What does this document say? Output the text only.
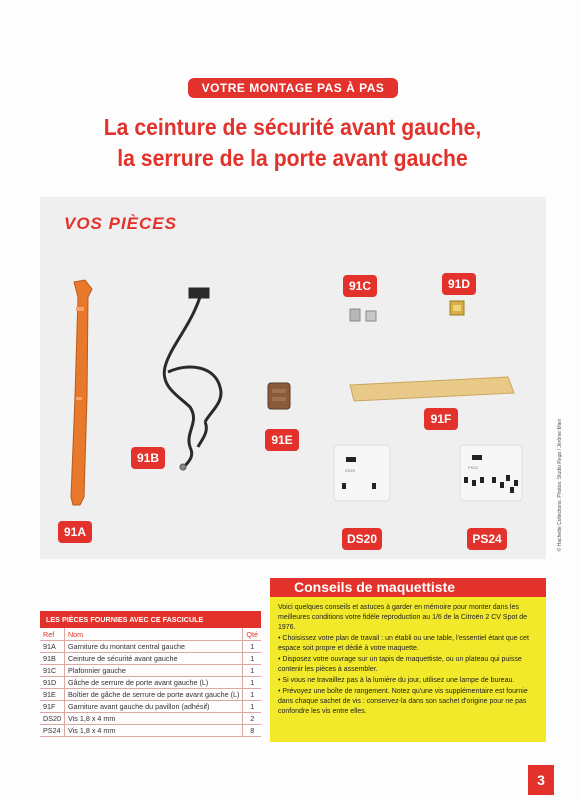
VOTRE MONTAGE PAS À PAS
La ceinture de sécurité avant gauche,
la serrure de la porte avant gauche
DS20
PS24
VOS PIÈCES
91A
91B
91C	91D
91E
91F
DS20	PS24	© Hachette Collections. Photos: Studio Rego / Jérôme Mieri
LES PIÈCES FOURNIES AVEC CE FASCICULE
Ref	Nom	Qté
91A	Garniture du montant central gauche	1
91B	Ceinture de sécurité avant gauche	1
91C	Plafonnier gauche	1
91D	Gâche de serrure de porte avant gauche (L)	1
91E	Boîtier de gâche de serrure de porte avant gauche (L)	1
91F	Garniture avant gauche du pavillon (adhésif)	1
DS20	Vis 1,8 x 4 mm	2
PS24	Vis 1,8 x 4 mm	8
Conseils de maquettiste

Voici quelques conseils et astuces à garder en mémoire pour monter dans les meilleures conditions votre fidèle reproduction au 1/6 de la Citroën 2 CV Spot de 1976.

• Choisissez votre plan de travail : un établi ou une table, l'essentiel étant que cet espace soit propre et dédié à votre maquette.

• Disposez votre ouvrage sur un tapis de maquettiste, ou un plateau qui puisse contenir les pièces à assembler.

• Si vous ne travaillez pas à la lumière du jour, utilisez une lampe de bureau.

• Prévoyez une boîte de rangement. Notez qu'une vis supplémentaire est fournie dans chaque sachet de vis : conservez-la dans son sachet d'origine pour ne pas confondre les vis entre elles.

3
